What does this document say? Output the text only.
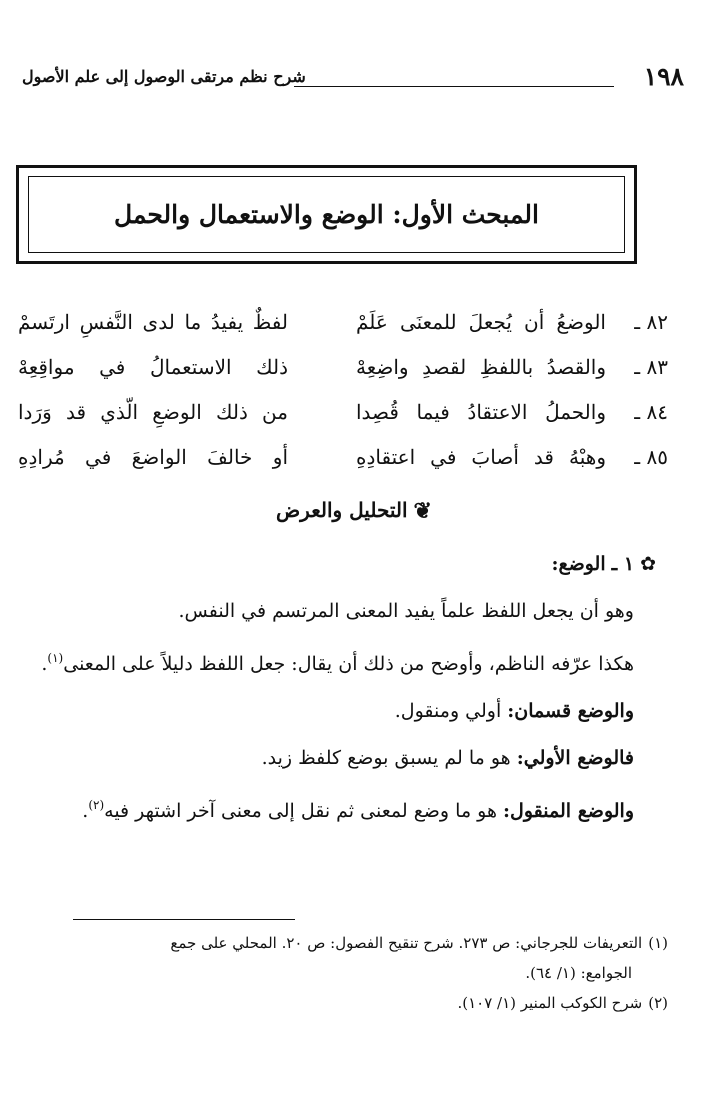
١٩٨
شرح نظم مرتقى الوصول إلى علم الأصول
المبحث الأول: الوضع والاستعمال والحمل
٨٢ ـ
الوضعُ أن يُجعلَ للمعنَى عَلَمْ
لفظٌ يفيدُ ما لدى النَّفسِ ارتَسمْ
٨٣ ـ
والقصدُ باللفظِ لقصدِ واضِعِهْ
ذلك الاستعمالُ في مواقِعِهْ
٨٤ ـ
والحملُ الاعتقادُ فيما قُصِدا
من ذلك الوضعِ الّذي قد وَرَدا
٨٥ ـ
وهبْهُ قد أصابَ في اعتقادِهِ
أو خالفَ الواضعَ في مُرادِهِ
❦التحليل والعرض

✿١ ـ الوضع:

وهو أن يجعل اللفظ علماً يفيد المعنى المرتسم في النفس.

هكذا عرّفه الناظم، وأوضح من ذلك أن يقال: جعل اللفظ دليلاً على المعنى$^{(١)}$.

والوضع قسمان: أولي ومنقول.

فالوضع الأولي: هو ما لم يسبق بوضع كلفظ زيد.

والوضع المنقول: هو ما وضع لمعنى ثم نقل إلى معنى آخر اشتهر فيه$^{(٢)}$.

(١)التعريفات للجرجاني: ص ٢٧٣. شرح تنقيح الفصول: ص ٢٠. المحلي على جمع

الجوامع: (١/ ٦٤).

(٢)شرح الكوكب المنير (١/ ١٠٧).
